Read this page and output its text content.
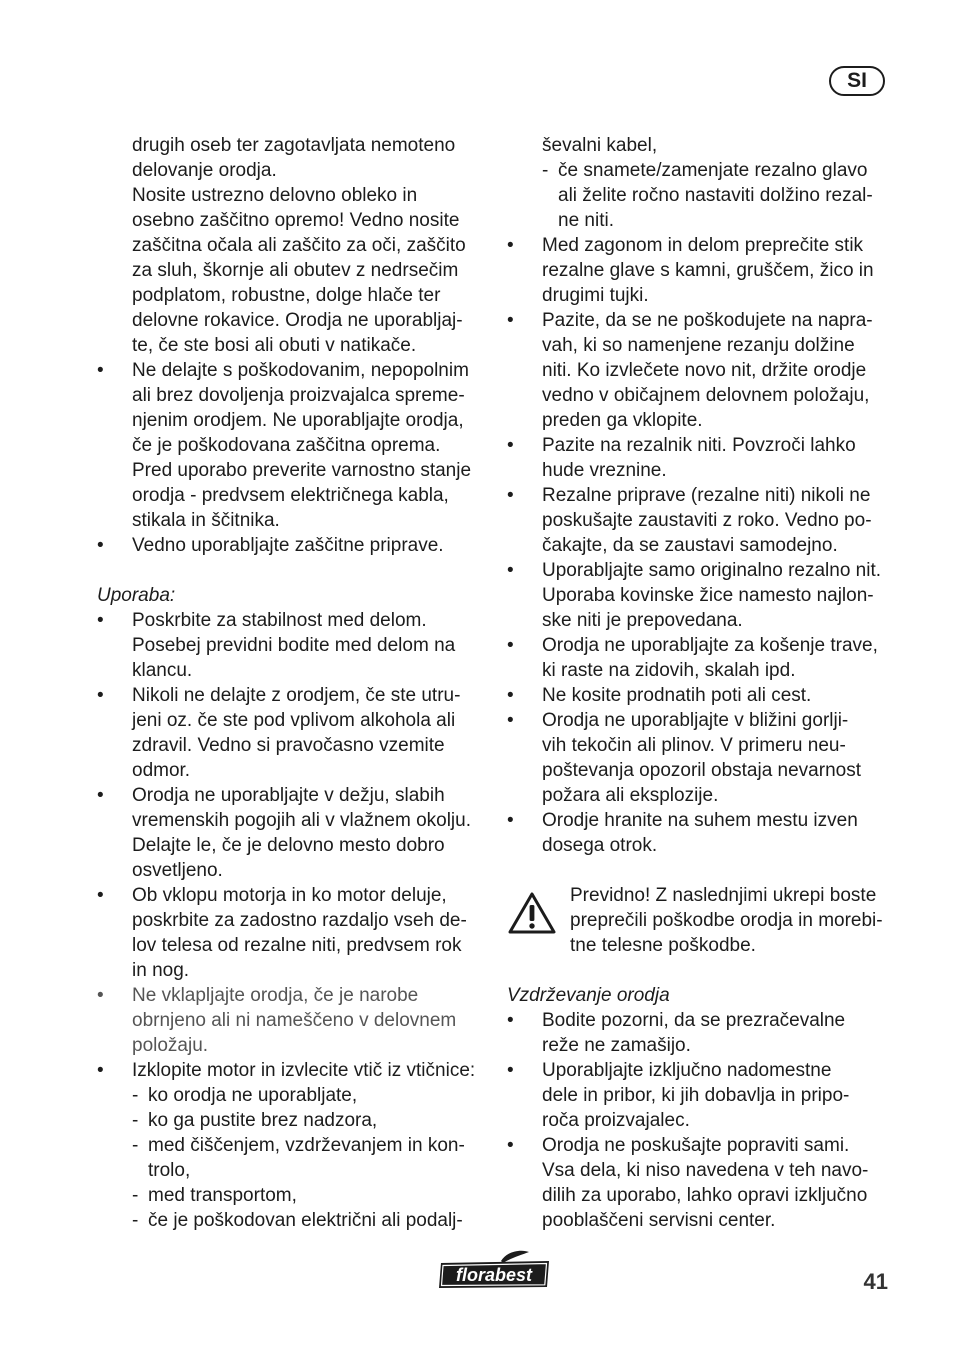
SI
drugih oseb ter zagotavljata nemoteno
delovanje orodja.
Nosite ustrezno delovno obleko in
osebno zaščitno opremo! Vedno nosite
zaščitna očala ali zaščito za oči, zaščito
za sluh, škornje ali obutev z nedrsečim
podplatom, robustne, dolge hlače ter
delovne rokavice. Orodja ne uporabljaj-
te, če ste bosi ali obuti v natikače.
• Ne delajte s poškodovanim, nepopolnim
ali brez dovoljenja proizvajalca spreme-
njenim orodjem. Ne uporabljajte orodja,
če je poškodovana zaščitna oprema.
Pred uporabo preverite varnostno stanje
orodja - predvsem električnega kabla,
stikala in ščitnika.
• Vedno uporabljajte zaščitne priprave.

Uporaba:

• Poskrbite za stabilnost med delom.
Posebej previdni bodite med delom na
klancu.
• Nikoli ne delajte z orodjem, če ste utru-
jeni oz. če ste pod vplivom alkohola ali
zdravil. Vedno si pravočasno vzemite
odmor.
• Orodja ne uporabljajte v dežju, slabih
vremenskih pogojih ali v vlažnem okolju.
Delajte le, če je delovno mesto dobro
osvetljeno.
• Ob vklopu motorja in ko motor deluje,
poskrbite za zadostno razdaljo vseh de-
lov telesa od rezalne niti, predvsem rok
in nog.
• Ne vklapljajte orodja, če je narobe
obrnjeno ali ni nameščeno v delovnem
položaju.
• Izklopite motor in izvlecite vtič iz vtičnice:
- ko orodja ne uporabljate,
- ko ga pustite brez nadzora,
- med čiščenjem, vzdrževanjem in kon-
trolo,
- med transportom,
- če je poškodovan električni ali podalj-
ševalni kabel,
- če snamete/zamenjate rezalno glavo
ali želite ročno nastaviti dolžino rezal-
ne niti.
• Med zagonom in delom preprečite stik
rezalne glave s kamni, gruščem, žico in
drugimi tujki.
• Pazite, da se ne poškodujete na napra-
vah, ki so namenjene rezanju dolžine
niti. Ko izvlečete novo nit, držite orodje
vedno v običajnem delovnem položaju,
preden ga vklopite.
• Pazite na rezalnik niti. Povzroči lahko
hude vreznine.
• Rezalne priprave (rezalne niti) nikoli ne
poskušajte zaustaviti z roko. Vedno po-
čakajte, da se zaustavi samodejno.
• Uporabljajte samo originalno rezalno nit.
Uporaba kovinske žice namesto najlon-
ske niti je prepovedana.
• Orodja ne uporabljajte za košenje trave,
ki raste na zidovih, skalah ipd.
• Ne kosite prodnatih poti ali cest.
• Orodja ne uporabljajte v bližini gorlji-
vih tekočin ali plinov. V primeru neu-
poštevanja opozoril obstaja nevarnost
požara ali eksplozije.
• Orodje hranite na suhem mestu izven
dosega otrok.
Previdno! Z naslednjimi ukrepi boste
preprečili poškodbe orodja in morebi-
tne telesne poškodbe.

Vzdrževanje orodja

• Bodite pozorni, da se prezračevalne
reže ne zamašijo.
• Uporabljajte izključno nadomestne
dele in pribor, ki jih dobavlja in pripo-
roča proizvajalec.
• Orodja ne poskušajte popraviti sami.
Vsa dela, ki niso navedena v teh navo-
dilih za uporabo, lahko opravi izključno
pooblaščeni servisni center.
florabest	41
